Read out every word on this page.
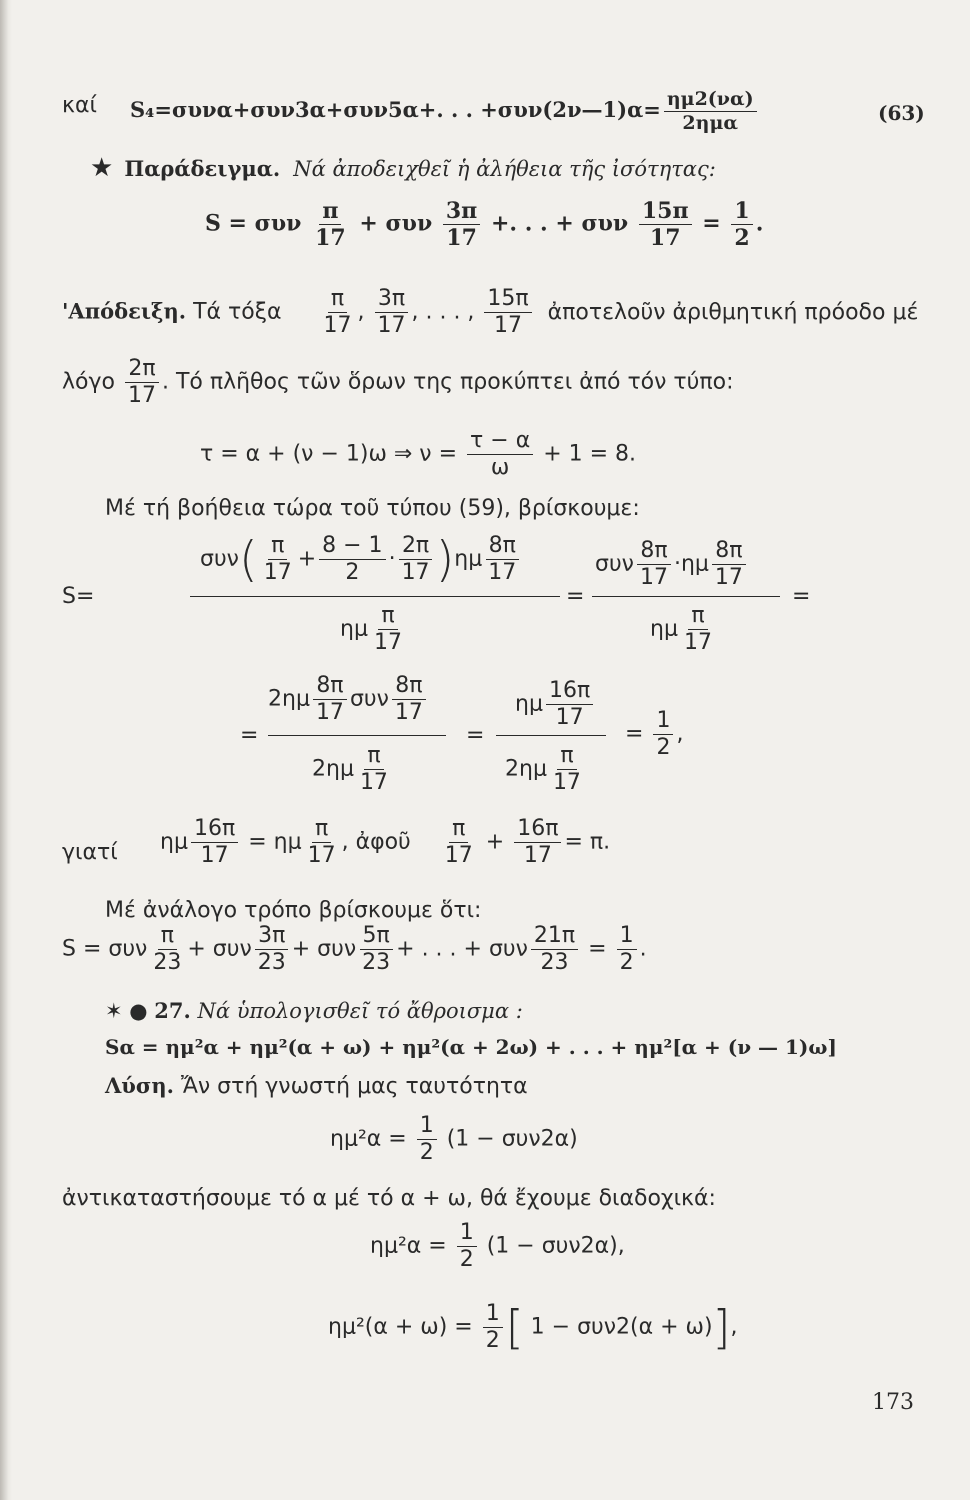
καί S₄=συνα+συν3α+συν5α+. . . +συν(2ν—1)α= $\frac{\eta\mu 2(\nu\alpha)}{\text{2ημα}}$	(63)
★ Παράδειγμα. Νά ἀποδειχθεῖ ἡ ἀλήθεια τῆς ἰσότητας:
S = συν $\frac{\pi}{17} + \sigma\upsilon\nu \frac{3\pi}{17}$ +. . . + συν $\frac{15\pi}{17} = \frac{1}{2}$ .
'Απόδειξη. Τά τόξα $\frac{\pi}{17}$ , $\frac{3\pi}{17}$ , . . . , $\frac{15\pi}{17}$ ἀποτελοῦν ἀριθμητική πρόοδο μέ
λόγο $\frac{2\pi}{17}$ . Τό πλῆθος τῶν ὅρων της προκύπτει ἀπό τόν τύπο:
τ = α + (ν − 1)ω ⇒ $\nu = \frac{\tau - \alpha}{\omega} + 1 = 8$.
Μέ τή βοήθεια τώρα τοῦ τύπου (59), βρίσκουμε:
S=
$\sigma\upsilon\nu( \frac{\pi}{17} + \frac{8 - 1}{2} \cdot \frac{2\pi}{17} )\eta\mu \frac{8\pi}{17}$
=
ημ $\frac{\pi}{17}$
συν $\frac{8\pi}{17} \cdot\eta\mu \frac{8\pi}{17}$
=
ημ $\frac{\pi}{17}$
=
$2\eta\mu \frac{8\pi}{17}$ συν $\frac{8\pi}{17}$
$2\eta\mu \frac{\pi}{17}$
=
ημ $\frac{16\pi}{17}$
$2\eta\mu \frac{\pi}{17}$
= $\frac{1}{2}$ ,
γιατί ημ $\frac{16\pi}{17} = \eta\mu \frac{\pi}{17}$ , ἀφοῦ $\frac{\pi}{17} + \frac{16\pi}{17} = \pi$.
Μέ ἀνάλογο τρόπο βρίσκουμε ὅτι:
S = συν $\frac{\pi}{23} + \sigma\upsilon\nu \frac{3\pi}{23} + \sigma\upsilon\nu \frac{5\pi}{23}$ + . . . + συν $\frac{21\pi}{23} = \frac{1}{2}$ .
✶ ● 27. Νά ὑπολογισθεῖ τό ἄθροισμα :
Sα = ημ²α + ημ²(α + ω) + ημ²(α + 2ω) + . . . + ημ²[α + (ν — 1)ω]
Λύση. Ἄν στή γνωστή μας ταυτότητα
$\eta\mu^2\alpha = \frac{1}{2} (1 - \sigma\upsilon\nu 2\alpha)$
ἀντικαταστήσουμε τό α μέ τό α + ω, θά ἔχουμε διαδοχικά:
$\eta\mu^2\alpha = \frac{1}{2} (1 - \sigma\upsilon\nu 2\alpha)$,
$\eta\mu^2(\alpha + \omega) = \frac{1}{2}$ [ 1 − συν2(α + ω)],
173
